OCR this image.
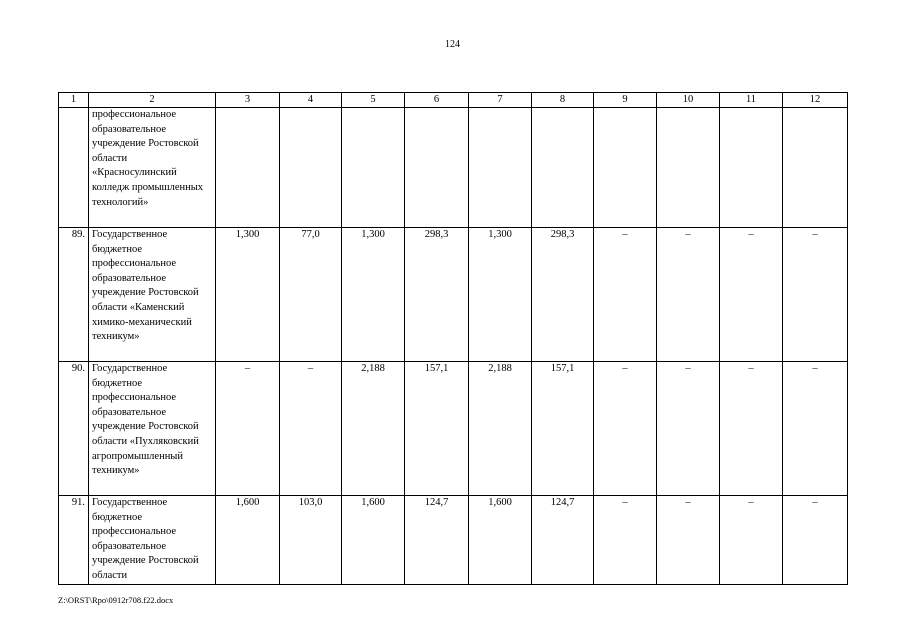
124
1	2	3	4	5	6	7	8	9	10	11	12
	профессиональное образовательное учреждение Ростовской области «Красносулинский колледж промышленных технологий»										
89.	Государственное бюджетное профессиональное образовательное учреждение Ростовской области «Каменский химико-механический техникум»	1,300	77,0	1,300	298,3	1,300	298,3	–	–	–	–
90.	Государственное бюджетное профессиональное образовательное учреждение Ростовской области «Пухляковский агропромышленный техникум»	–	–	2,188	157,1	2,188	157,1	–	–	–	–
91.	Государственное бюджетное профессиональное образовательное учреждение Ростовской области	1,600	103,0	1,600	124,7	1,600	124,7	–	–	–	–
Z:\ORST\Rpo\0912r708.f22.docx
